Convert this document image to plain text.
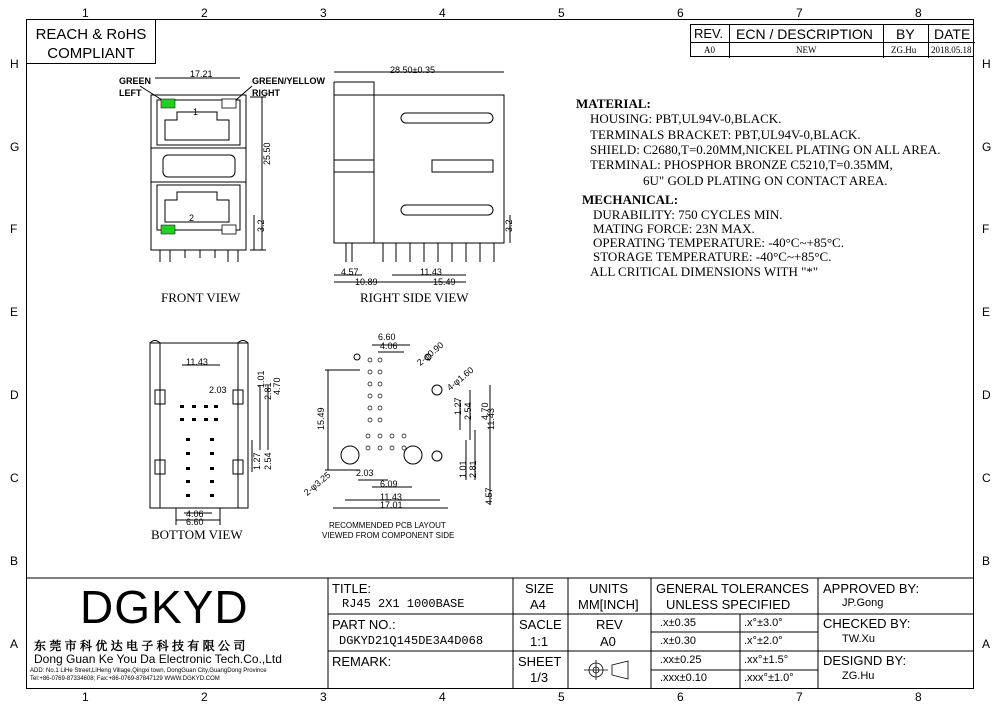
1	2	3	4	5	6	7	8
1	2	3	4	5	6	7	8
H
G
F
E
D
C
B
A
H
G
F
E
D
C
B
A
REACH & RoHS
COMPLIANT
REV. ECN / DESCRIPTION BY DATE
A0	NEW	ZG.Hu 2018.05.18
GREEN
LEFT
GREEN/YELLOW
RIGHT
17.21
25.50
3.2
1
2
FRONT VIEW
28.50±0.35
3.2
4.57	11.43
10.89	15.49
RIGHT SIDE VIEW
11.43
2.03
1.01
2.81 4.70
1.27 2.54
4.06
6.60
BOTTOM VIEW
6.60
4.06 2-φ0.90
4-φ1.60
15.49
1.27 2.54 4.70
11.43
2-φ3.25	2.03
6.09
1.01 2.81
11.43
17.01	4.57
RECOMMENDED PCB LAYOUT
VIEWED FROM COMPONENT SIDE
MATERIAL:
HOUSING: PBT,UL94V-0,BLACK.
TERMINALS BRACKET: PBT,UL94V-0,BLACK.
SHIELD: C2680,T=0.20MM,NICKEL PLATING ON ALL AREA.
TERMINAL: PHOSPHOR BRONZE C5210,T=0.35MM,
6U" GOLD PLATING ON CONTACT AREA.
MECHANICAL:
DURABILITY: 750 CYCLES MIN.
MATING FORCE: 23N MAX.
OPERATING TEMPERATURE: -40°C~+85°C.
STORAGE TEMPERATURE: -40°C~+85°C.
ALL CRITICAL DIMENSIONS WITH "*"
DGKYD
东 莞 市 科 优 达 电 子 科 技 有 限 公 司
Dong Guan Ke You Da Electronic Tech.Co.,Ltd
ADD: No.1 LiHe Street,LiHeng Village,Qingxi town, DongGuan City,GuangDong Province
Tel:+86-0769-87334608; Fax:+86-0769-87847129 WWW.DGKYD.COM
TITLE:
RJ45 2X1 1000BASE
SIZE
A4
UNITS
MM[INCH]
PART NO.:
DGKYD21Q145DE3A4D068
SACLE
1:1
REV
A0
REMARK:	SHEET
1/3
GENERAL TOLERANCES
UNLESS SPECIFIED
.x±0.35	.x°±3.0°
.x±0.30	.x°±2.0°
.xx±0.25	.xx°±1.5°
.xxx±0.10	.xxx°±1.0°
APPROVED BY:
JP.Gong
CHECKED BY:
TW.Xu
DESIGND BY:
ZG.Hu
